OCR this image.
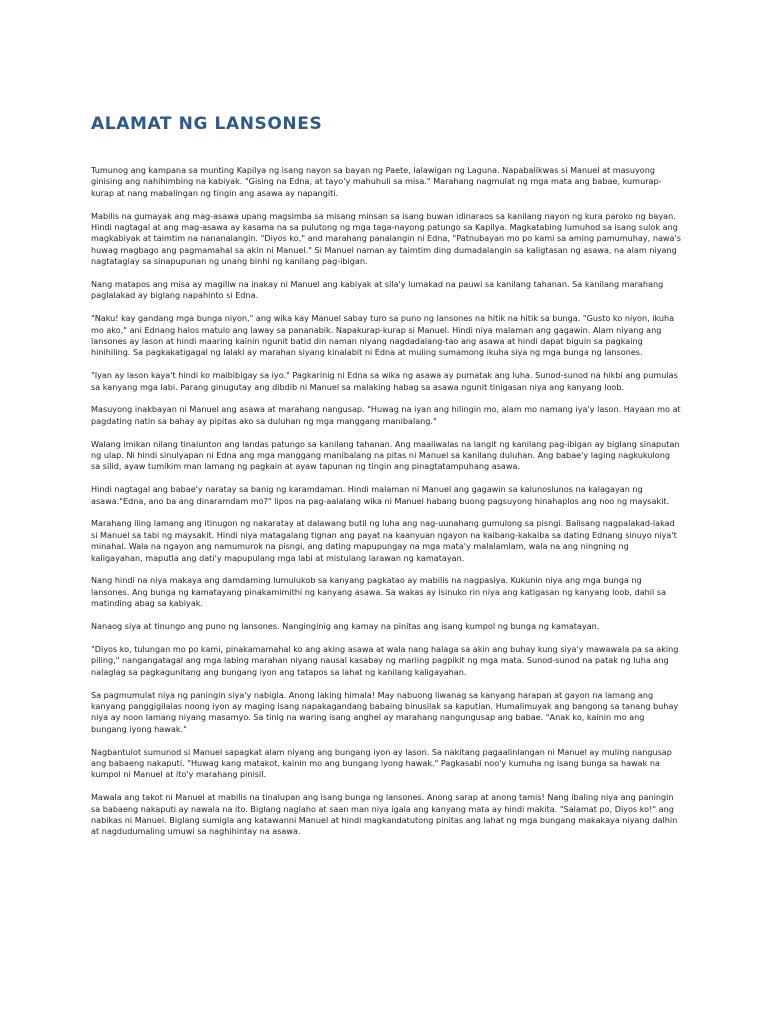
ALAMAT NG LANSONES

Tumunog ang kampana sa munting Kapilya ng isang nayon sa bayan ng Paete, lalawigan ng Laguna. Napabalikwas si Manuel at masuyong ginising ang nahihimbing na kabiyak. "Gising na Edna, at tayo'y mahuhuli sa misa." Marahang nagmulat ng mga mata ang babae, kumurap-kurap at nang mabalingan ng tingin ang asawa ay napangiti.

Mabilis na gumayak ang mag-asawa upang magsimba sa misang minsan sa isang buwan idinaraos sa kanilang nayon ng kura paroko ng bayan. Hindi nagtagal at ang mag-asawa ay kasama na sa pulutong ng mga taga-nayong patungo sa Kapilya. Magkatabing lumuhod sa isang sulok ang magkabiyak at taimtim na nananalangin. "Diyos ko," and marahang panalangin ni Edna, "Patnubayan mo po kami sa aming pamumuhay, nawa's huwag magbago ang pagmamahal sa akin ni Manuel." Si Manuel naman ay taimtim ding dumadalangin sa kaligtasan ng asawa, na alam niyang nagtataglay sa sinapupunan ng unang binhi ng kanilang pag-ibigan.

Nang matapos ang misa ay magiliw na inakay ni Manuel ang kabiyak at sila'y lumakad na pauwi sa kanilang tahanan. Sa kanilang marahang paglalakad ay biglang napahinto si Edna.

"Naku! kay gandang mga bunga niyon," ang wika kay Manuel sabay turo sa puno ng lansones na hitik na hitik sa bunga. "Gusto ko niyon, ikuha mo ako," ani Ednang halos matulo ang laway sa pananabik. Napakurap-kurap si Manuel. Hindi niya malaman ang gagawin. Alam niyang ang lansones ay lason at hindi maaring kainin ngunit batid din naman niyang nagdadalang-tao ang asawa at hindi dapat biguin sa pagkaing hinihiling. Sa pagkakatigagal ng lalaki ay marahan siyang kinalabit ni Edna at muling sumamong ikuha siya ng mga bunga ng lansones.

"Iyan ay lason kaya't hindi ko maibibigay sa iyo." Pagkarinig ni Edna sa wika ng asawa ay pumatak ang luha. Sunod-sunod na hikbi ang pumulas sa kanyang mga labi. Parang ginugutay ang dibdib ni Manuel sa malaking habag sa asawa ngunit tinigasan niya ang kanyang loob.

Masuyong inakbayan ni Manuel ang asawa at marahang nangusap. "Huwag na iyan ang hilingin mo, alam mo namang iya'y lason. Hayaan mo at pagdating natin sa bahay ay pipitas ako sa duluhan ng mga manggang manibalang."

Walang imikan nilang tinalunton ang landas patungo sa kanilang tahanan. Ang maaliwalas na langit ng kanilang pag-ibigan ay biglang sinaputan ng ulap. Ni hindi sinulyapan ni Edna ang mga manggang manibalang na pitas ni Manuel sa kanilang duluhan. Ang babae'y laging nagkukulong sa silid, ayaw tumikim man lamang ng pagkain at ayaw tapunan ng tingin ang pinagtatampuhang asawa.

Hindi nagtagal ang babae'y naratay sa banig ng karamdaman. Hindi malaman ni Manuel ang gagawin sa kalunoslunos na kalagayan ng asawa."Edna, ano ba ang dinaramdam mo?" lipos na pag-aalalang wika ni Manuel habang buong pagsuyong hinahaplos ang noo ng maysakit.

Marahang iling lamang ang itinugon ng nakaratay at dalawang butil ng luha ang nag-uunahang gumulong sa pisngi. Balisang nagpalakad-lakad si Manuel sa tabi ng maysakit. Hindi niya matagalang tignan ang payat na kaanyuan ngayon na kaibang-kakaiba sa dating Ednang sinuyo niya't minahal. Wala na ngayon ang namumurok na pisngi, ang dating mapupungay na mga mata'y malalamlam, wala na ang ningning ng kaligayahan, maputla ang dati'y mapupulang mga labi at mistulang larawan ng kamatayan.

Nang hindi na niya makaya ang damdaming lumulukob sa kanyang pagkatao ay mabilis na nagpasiya. Kukunin niya ang mga bunga ng lansones. Ang bunga ng kamatayang pinakamimithi ng kanyang asawa. Sa wakas ay isinuko rin niya ang katigasan ng kanyang loob, dahil sa matinding abag sa kabiyak.

Nanaog siya at tinungo ang puno ng lansones. Nanginginig ang kamay na pinitas ang isang kumpol ng bunga ng kamatayan.

"Diyos ko, tulungan mo po kami, pinakamamahal ko ang aking asawa at wala nang halaga sa akin ang buhay kung siya'y mawawala pa sa aking piling," nangangatagal ang mga labing marahan niyang nausal kasabay ng mariing pagpikit ng mga mata. Sunod-sunod na patak ng luha ang nalaglag sa pagkagunitang ang bungang iyon ang tatapos sa lahat ng kanilang kaligayahan.

Sa pagmumulat niya ng paningin siya'y nabigla. Anong laking himala! May nabuong liwanag sa kanyang harapan at gayon na lamang ang kanyang panggigilalas noong iyon ay maging isang napakagandang babaing binusilak sa kaputian. Humalimuyak ang bangong sa tanang buhay niya ay noon lamang niyang masamyo. Sa tinig na waring isang anghel ay marahang nangungusap ang babae. "Anak ko, kainin mo ang bungang iyong hawak."

Nagbantulot sumunod si Manuel sapagkat alam niyang ang bungang iyon ay lason. Sa nakitang pagaalinlangan ni Manuel ay muling nangusap ang babaeng nakaputi. "Huwag kang matakot, kainin mo ang bungang iyong hawak." Pagkasabi noo'y kumuha ng isang bunga sa hawak na kumpol ni Manuel at ito'y marahang pinisil.

Mawala ang takot ni Manuel at mabilis na tinalupan ang isang bunga ng lansones. Anong sarap at anong tamis! Nang ibaling niya ang paningin sa babaeng nakaputi ay nawala na ito. Biglang naglaho at saan man niya igala ang kanyang mata ay hindi makita. "Salamat po, Diyos ko!" ang nabikas ni Manuel. Biglang sumigla ang katawanni Manuel at hindi magkandatutong pinitas ang lahat ng mga bungang makakaya niyang dalhin at nagdudumaling umuwi sa naghihintay na asawa.
